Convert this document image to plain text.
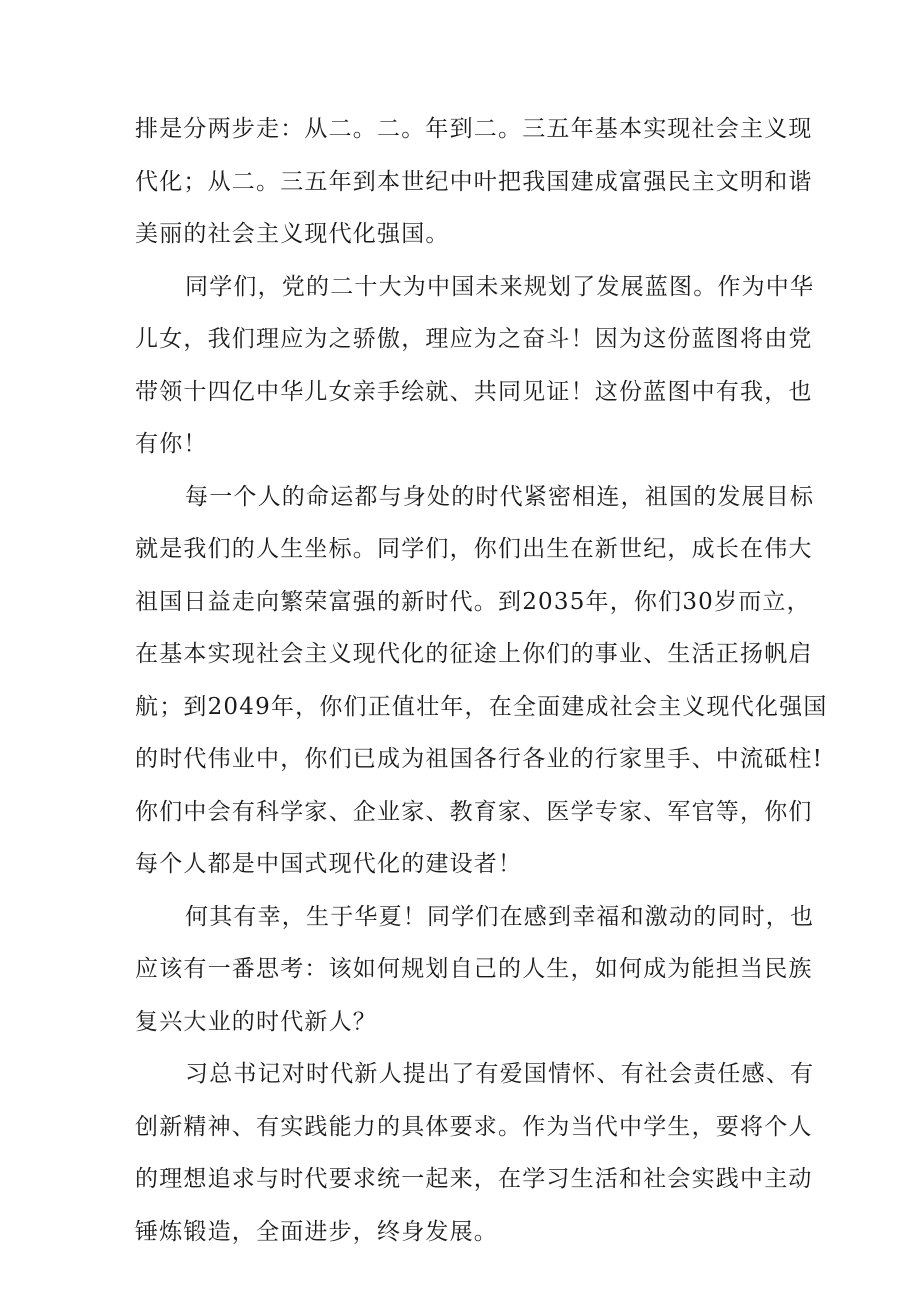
排是分两步走：从二。二。年到二。三五年基本实现社会主义现
代化；从二。三五年到本世纪中叶把我国建成富强民主文明和谐
美丽的社会主义现代化强国。
同学们，党的二十大为中国未来规划了发展蓝图。作为中华
儿女，我们理应为之骄傲，理应为之奋斗！因为这份蓝图将由党
带领十四亿中华儿女亲手绘就、共同见证！这份蓝图中有我，也
有你！
每一个人的命运都与身处的时代紧密相连，祖国的发展目标
就是我们的人生坐标。同学们，你们出生在新世纪，成长在伟大
祖国日益走向繁荣富强的新时代。到2035年，你们30岁而立，
在基本实现社会主义现代化的征途上你们的事业、生活正扬帆启
航；到2049年，你们正值壮年，在全面建成社会主义现代化强国
的时代伟业中，你们已成为祖国各行各业的行家里手、中流砥柱!
你们中会有科学家、企业家、教育家、医学专家、军官等，你们
每个人都是中国式现代化的建设者！
何其有幸，生于华夏！同学们在感到幸福和激动的同时，也
应该有一番思考：该如何规划自己的人生，如何成为能担当民族
复兴大业的时代新人？
习总书记对时代新人提出了有爱国情怀、有社会责任感、有
创新精神、有实践能力的具体要求。作为当代中学生，要将个人
的理想追求与时代要求统一起来，在学习生活和社会实践中主动
锤炼锻造，全面进步，终身发展。
